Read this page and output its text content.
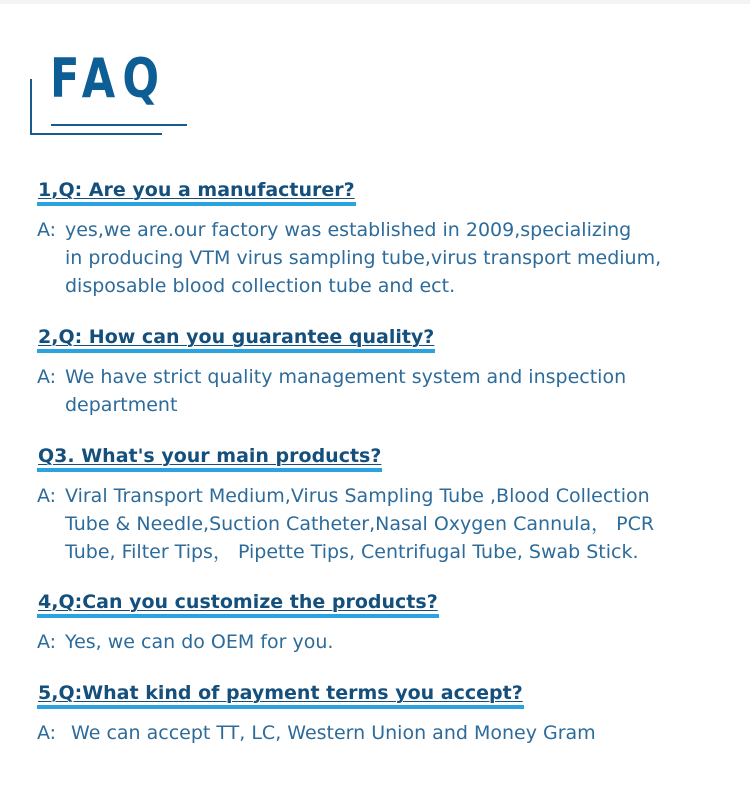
FAQ
1,Q: Are you a manufacturer?
A: yes,we are.our factory was established in 2009,specializing
in producing VTM virus sampling tube,virus transport medium,
disposable blood collection tube and ect.
2,Q: How can you guarantee quality?
A: We have strict quality management system and inspection
department
Q3. What's your main products?
A: Viral Transport Medium,Virus Sampling Tube ,Blood Collection
Tube & Needle,Suction Catheter,Nasal Oxygen Cannula， PCR
Tube, Filter Tips， Pipette Tips, Centrifugal Tube, Swab Stick.
4,Q:Can you customize the products?
A: Yes, we can do OEM for you.
5,Q:What kind of payment terms you accept?
A: We can accept TT, LC, Western Union and Money Gram
